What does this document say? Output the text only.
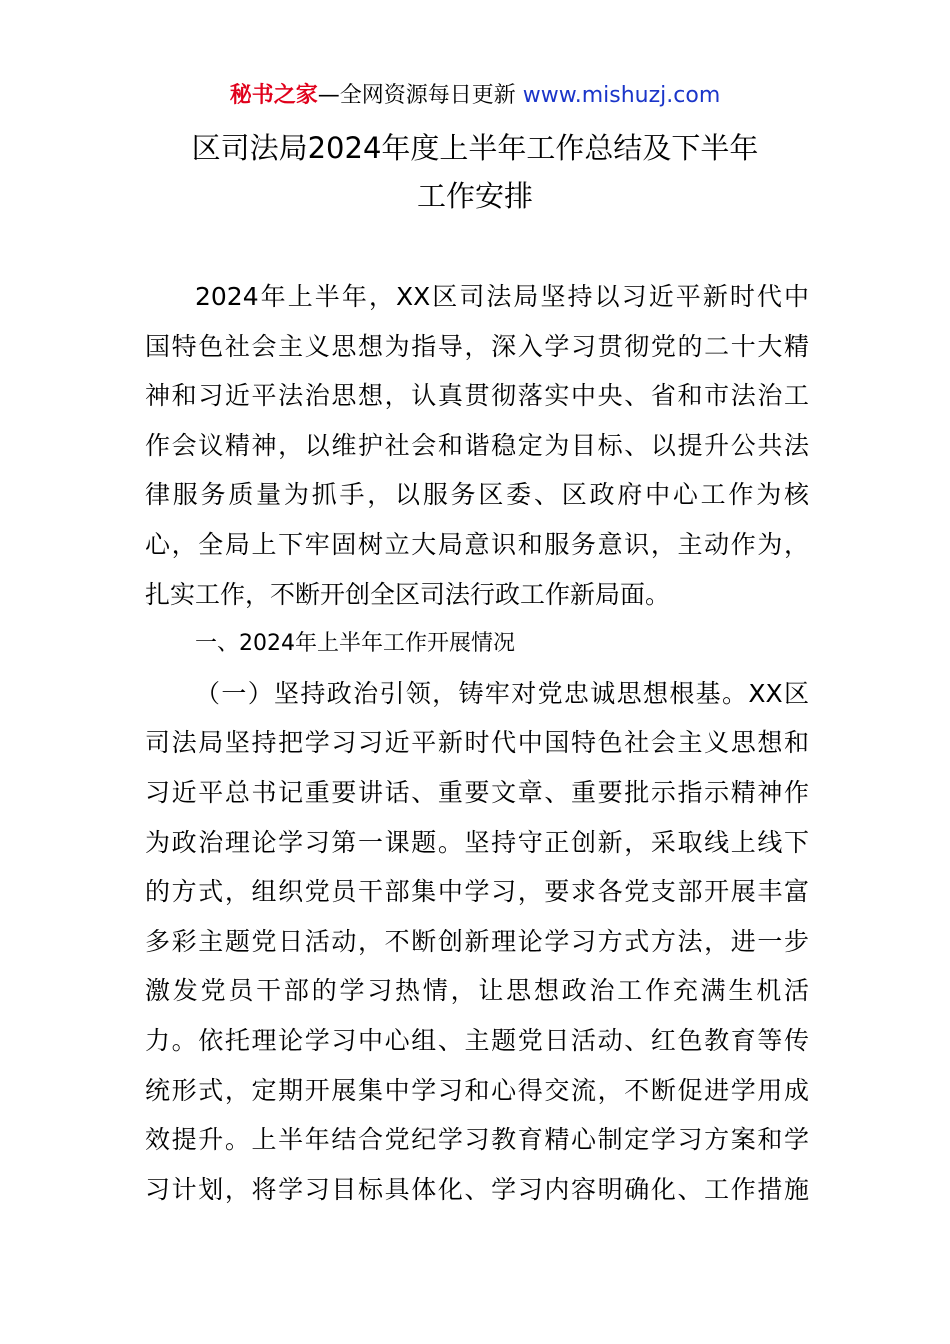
秘书之家—全网资源每日更新 www.mishuzj.com
区司法局2024年度上半年工作总结及下半年
工作安排
2024年上半年，XX区司法局坚持以习近平新时代中
国特色社会主义思想为指导，深入学习贯彻党的二十大精
神和习近平法治思想，认真贯彻落实中央、省和市法治工
作会议精神，以维护社会和谐稳定为目标、以提升公共法
律服务质量为抓手，以服务区委、区政府中心工作为核
心，全局上下牢固树立大局意识和服务意识，主动作为，
扎实工作，不断开创全区司法行政工作新局面。
一、2024年上半年工作开展情况
（一）坚持政治引领，铸牢对党忠诚思想根基。XX区
司法局坚持把学习习近平新时代中国特色社会主义思想和
习近平总书记重要讲话、重要文章、重要批示指示精神作
为政治理论学习第一课题。坚持守正创新，采取线上线下
的方式，组织党员干部集中学习，要求各党支部开展丰富
多彩主题党日活动，不断创新理论学习方式方法，进一步
激发党员干部的学习热情，让思想政治工作充满生机活
力。依托理论学习中心组、主题党日活动、红色教育等传
统形式，定期开展集中学习和心得交流，不断促进学用成
效提升。上半年结合党纪学习教育精心制定学习方案和学
习计划，将学习目标具体化、学习内容明确化、工作措施
